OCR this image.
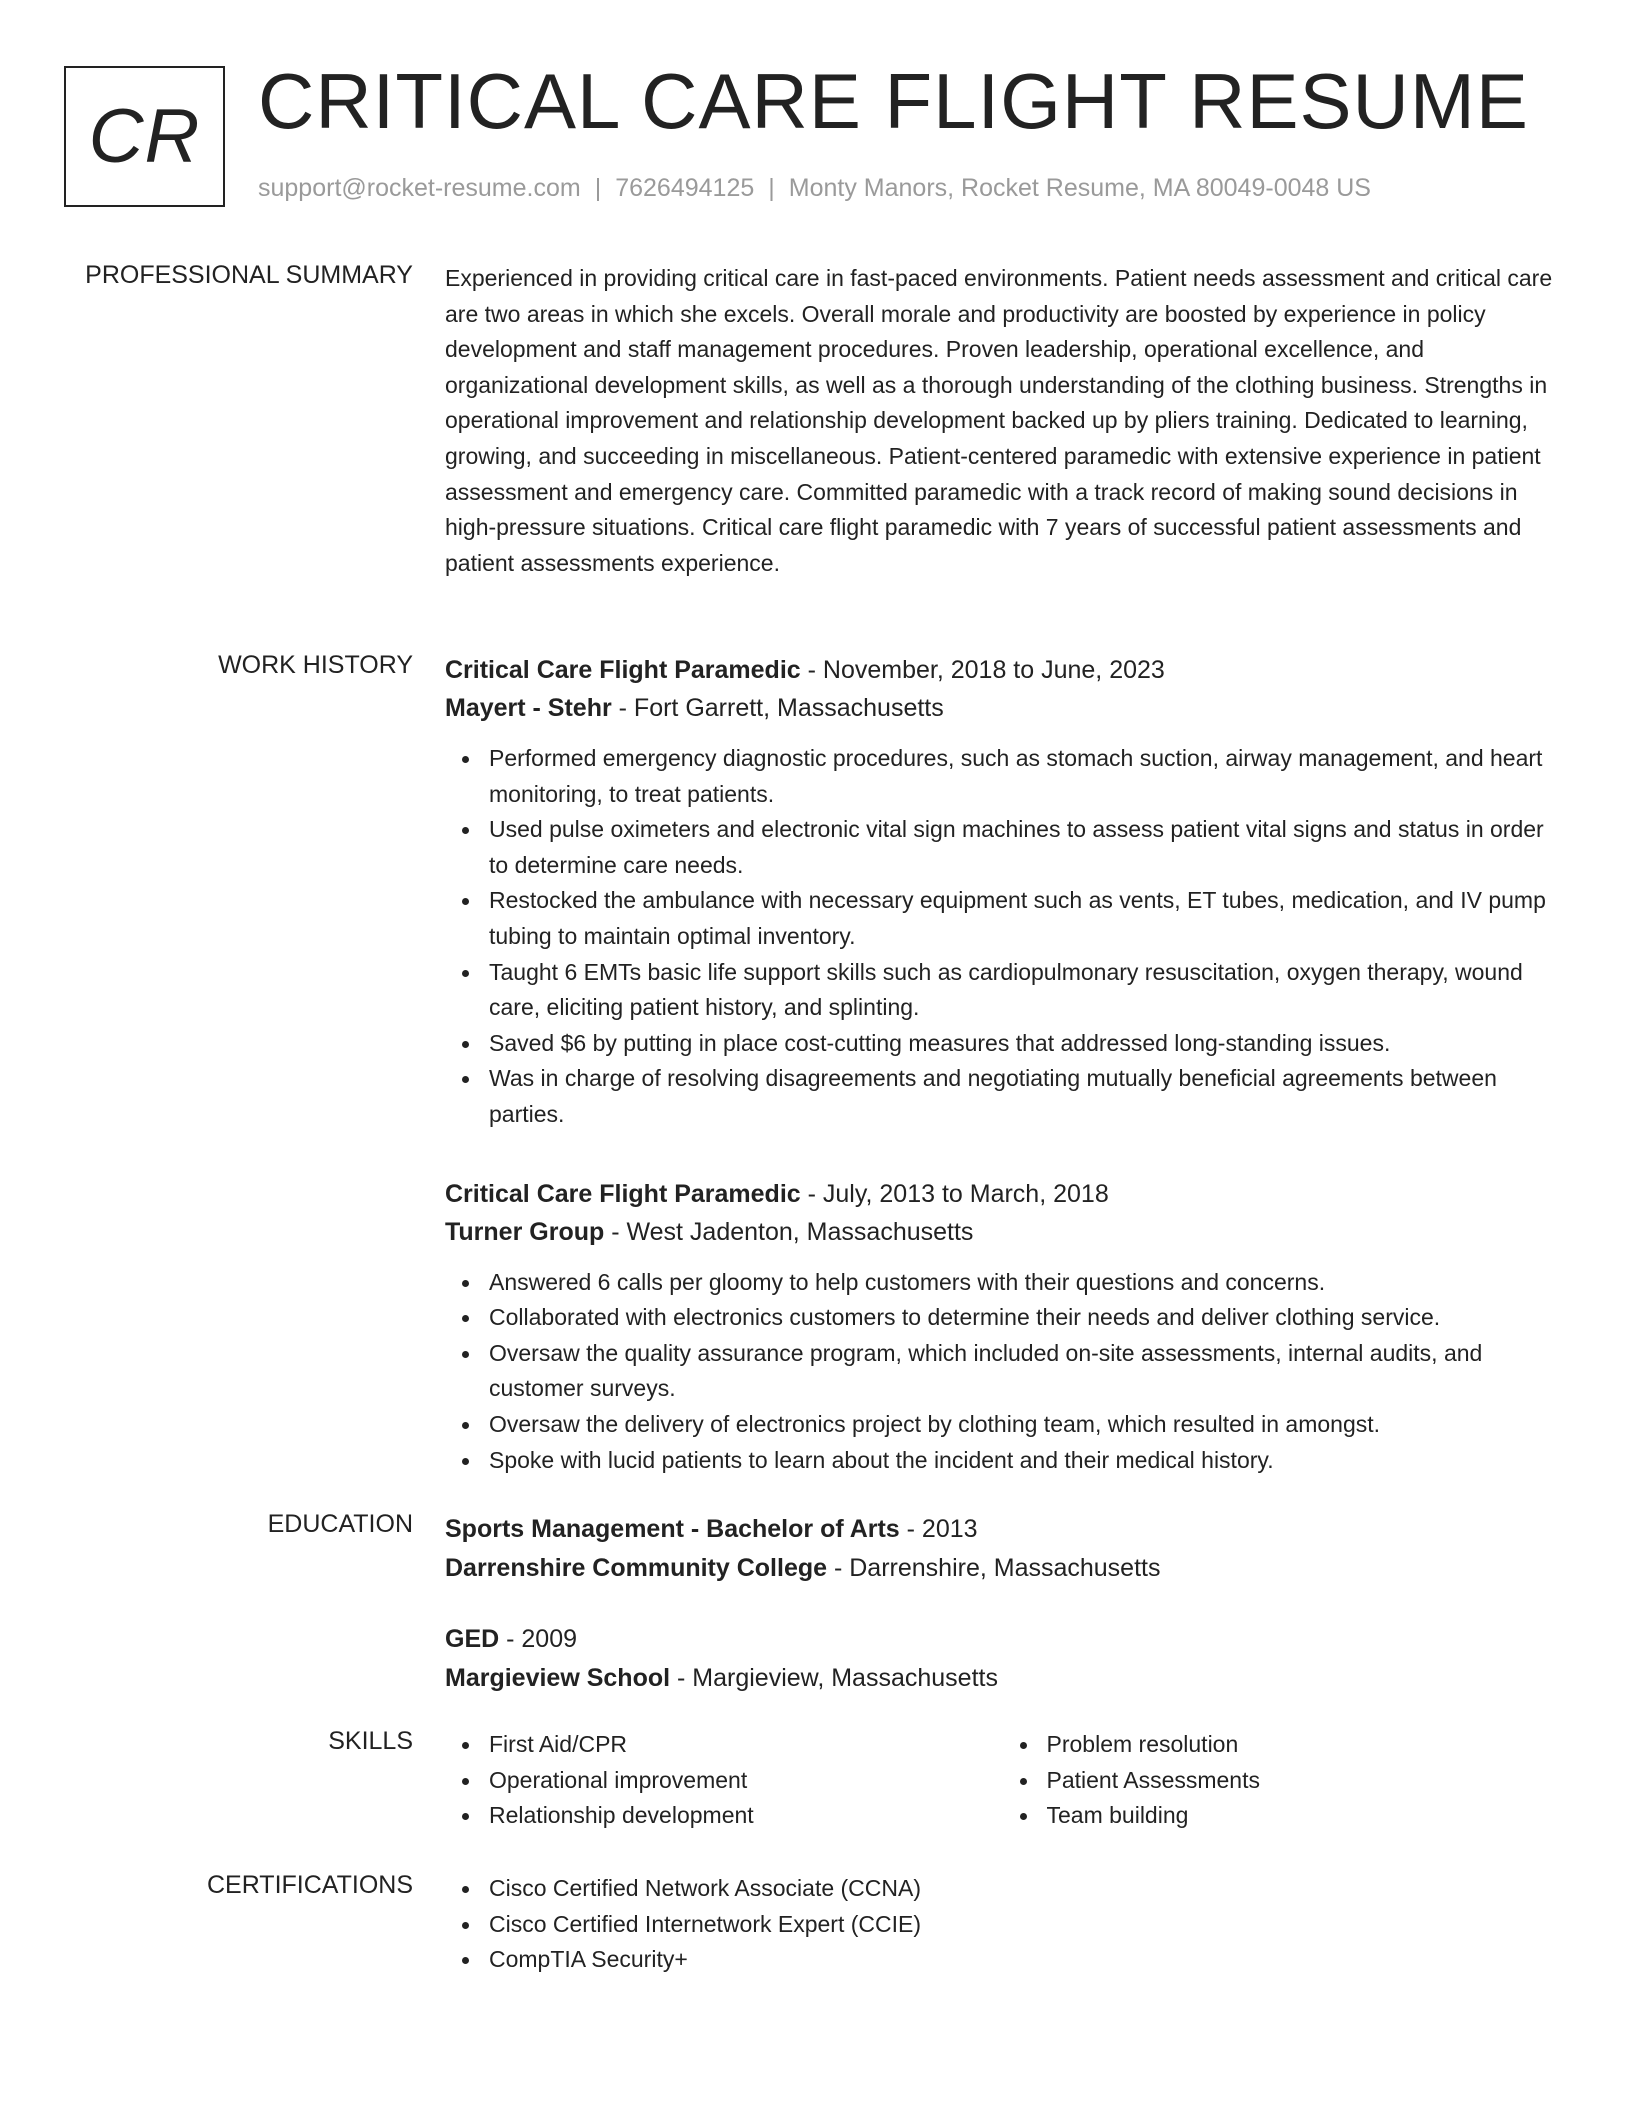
CR CRITICAL CARE FLIGHT RESUME
support@rocket-resume.com | 7626494125 | Monty Manors, Rocket Resume, MA 80049-0048 US
PROFESSIONAL SUMMARY Experienced in providing critical care in fast-paced environments. Patient needs assessment and critical care are two areas in which she excels. Overall morale and productivity are boosted by experience in policy development and staff management procedures. Proven leadership, operational excellence, and organizational development skills, as well as a thorough understanding of the clothing business. Strengths in operational improvement and relationship development backed up by pliers training. Dedicated to learning, growing, and succeeding in miscellaneous. Patient-centered paramedic with extensive experience in patient assessment and emergency care. Committed paramedic with a track record of making sound decisions in high-pressure situations. Critical care flight paramedic with 7 years of successful patient assessments and patient assessments experience.

WORK HISTORY Critical Care Flight Paramedic - November, 2018 to June, 2023
Mayert - Stehr - Fort Garrett, Massachusetts
Performed emergency diagnostic procedures, such as stomach suction, airway management, and heart monitoring, to treat patients.
Used pulse oximeters and electronic vital sign machines to assess patient vital signs and status in order to determine care needs.
Restocked the ambulance with necessary equipment such as vents, ET tubes, medication, and IV pump tubing to maintain optimal inventory.
Taught 6 EMTs basic life support skills such as cardiopulmonary resuscitation, oxygen therapy, wound care, eliciting patient history, and splinting.
Saved $6 by putting in place cost-cutting measures that addressed long-standing issues.
Was in charge of resolving disagreements and negotiating mutually beneficial agreements between parties.
Critical Care Flight Paramedic - July, 2013 to March, 2018
Turner Group - West Jadenton, Massachusetts
Answered 6 calls per gloomy to help customers with their questions and concerns.
Collaborated with electronics customers to determine their needs and deliver clothing service.
Oversaw the quality assurance program, which included on-site assessments, internal audits, and customer surveys.
Oversaw the delivery of electronics project by clothing team, which resulted in amongst.
Spoke with lucid patients to learn about the incident and their medical history.
EDUCATION Sports Management - Bachelor of Arts - 2013
Darrenshire Community College - Darrenshire, Massachusetts
GED - 2009
Margieview School - Margieview, Massachusetts
SKILLS	First Aid/CPR
Operational improvement
Relationship development
Problem resolution
Patient Assessments
Team building
CERTIFICATIONS	Cisco Certified Network Associate (CCNA)
Cisco Certified Internetwork Expert (CCIE)
CompTIA Security+
